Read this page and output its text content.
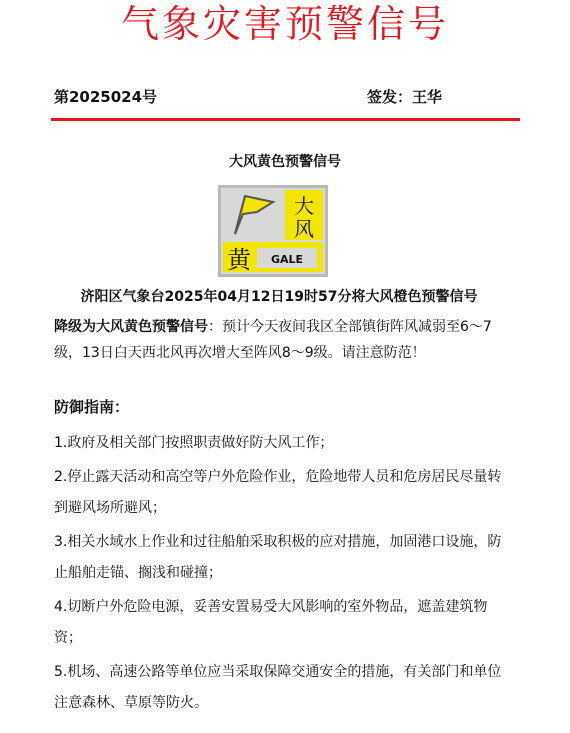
气象灾害预警信号
第2025024号	签发：王华
大风黄色预警信号
大
风
黄 GALE
济阳区气象台2025年04月12日19时57分将大风橙色预警信号
降级为大风黄色预警信号：预计今天夜间我区全部镇街阵风减弱至6～7级，13日白天西北风再次增大至阵风8～9级。请注意防范！
防御指南：
1.政府及相关部门按照职责做好防大风工作；
2.停止露天活动和高空等户外危险作业，危险地带人员和危房居民尽量转到避风场所避风；
3.相关水域水上作业和过往船舶采取积极的应对措施，加固港口设施，防止船舶走锚、搁浅和碰撞；
4.切断户外危险电源，妥善安置易受大风影响的室外物品，遮盖建筑物资；
5.机场、高速公路等单位应当采取保障交通安全的措施，有关部门和单位注意森林、草原等防火。
